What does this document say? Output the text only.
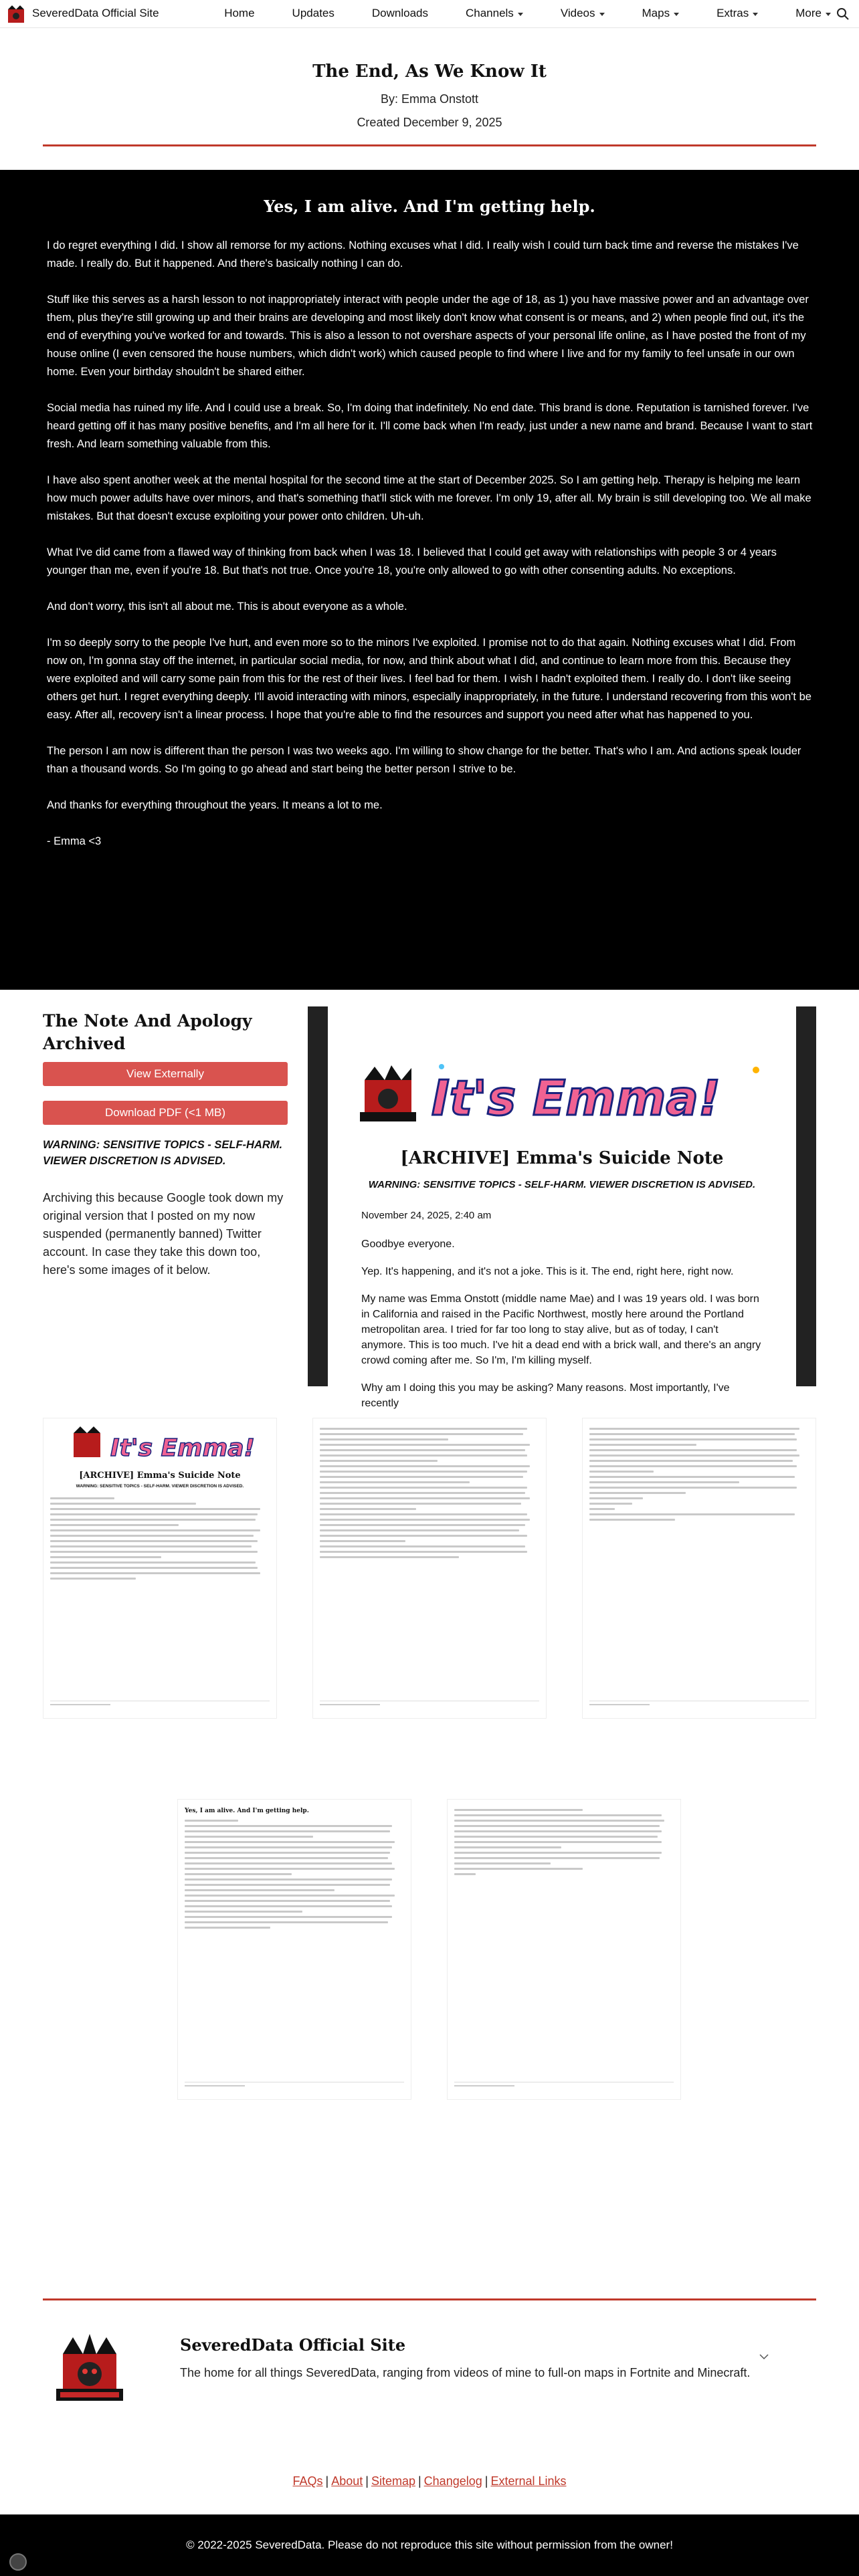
SeveredData Official Site	Home	Updates	Downloads	Channels	Videos	Maps	Extras	More
The End, As We Know It
By: Emma Onstott
Created December 9, 2025
Yes, I am alive. And I'm getting help.

I do regret everything I did. I show all remorse for my actions. Nothing excuses what I did. I really wish I could turn back time and reverse the mistakes I've made. I really do. But it happened. And there's basically nothing I can do.

Stuff like this serves as a harsh lesson to not inappropriately interact with people under the age of 18, as 1) you have massive power and an advantage over them, plus they're still growing up and their brains are developing and most likely don't know what consent is or means, and 2) when people find out, it's the end of everything you've worked for and towards. This is also a lesson to not overshare aspects of your personal life online, as I have posted the front of my house online (I even censored the house numbers, which didn't work) which caused people to find where I live and for my family to feel unsafe in our own home. Even your birthday shouldn't be shared either.

Social media has ruined my life. And I could use a break. So, I'm doing that indefinitely. No end date. This brand is done. Reputation is tarnished forever. I've heard getting off it has many positive benefits, and I'm all here for it. I'll come back when I'm ready, just under a new name and brand. Because I want to start fresh. And learn something valuable from this.

I have also spent another week at the mental hospital for the second time at the start of December 2025. So I am getting help. Therapy is helping me learn how much power adults have over minors, and that's something that'll stick with me forever. I'm only 19, after all. My brain is still developing too. We all make mistakes. But that doesn't excuse exploiting your power onto children. Uh-uh.

What I've did came from a flawed way of thinking from back when I was 18. I believed that I could get away with relationships with people 3 or 4 years younger than me, even if you're 18. But that's not true. Once you're 18, you're only allowed to go with other consenting adults. No exceptions.

And don't worry, this isn't all about me. This is about everyone as a whole.

I'm so deeply sorry to the people I've hurt, and even more so to the minors I've exploited. I promise not to do that again. Nothing excuses what I did. From now on, I'm gonna stay off the internet, in particular social media, for now, and think about what I did, and continue to learn more from this. Because they were exploited and will carry some pain from this for the rest of their lives. I feel bad for them. I wish I hadn't exploited them. I really do. I don't like seeing others get hurt. I regret everything deeply. I'll avoid interacting with minors, especially inappropriately, in the future. I understand recovering from this won't be easy. After all, recovery isn't a linear process. I hope that you're able to find the resources and support you need after what has happened to you.

The person I am now is different than the person I was two weeks ago. I'm willing to show change for the better. That's who I am. And actions speak louder than a thousand words. So I'm going to go ahead and start being the better person I strive to be.

And thanks for everything throughout the years. It means a lot to me.

- Emma <3

The Note And Apology Archived
View Externally
Download PDF (<1 MB)
WARNING: SENSITIVE TOPICS - SELF-HARM. VIEWER DISCRETION IS ADVISED.
Archiving this because Google took down my original version that I posted on my now suspended (permanently banned) Twitter account. In case they take this down too, here's some images of it below.
It's Emma!
[ARCHIVE] Emma's Suicide Note
WARNING: SENSITIVE TOPICS - SELF-HARM. VIEWER DISCRETION IS ADVISED.
November 24, 2025, 2:40 am

Goodbye everyone.

Yep. It's happening, and it's not a joke. This is it. The end, right here, right now.

My name was Emma Onstott (middle name Mae) and I was 19 years old. I was born in California and raised in the Pacific Northwest, mostly here around the Portland metropolitan area. I tried for far too long to stay alive, but as of today, I can't anymore. This is too much. I've hit a dead end with a brick wall, and there's an angry crowd coming after me. So I'm, I'm killing myself.

Why am I doing this you may be asking? Many reasons. Most importantly, I've recently

It's Emma!
[ARCHIVE] Emma's Suicide Note
WARNING: SENSITIVE TOPICS - SELF-HARM. VIEWER DISCRETION IS ADVISED.
Yes, I am alive. And I'm getting help.
SeveredData Official Site
The home for all things SeveredData, ranging from videos of mine to full-on maps in Fortnite and Minecraft.
FAQs | About | Sitemap | Changelog | External Links
© 2022-2025 SeveredData. Please do not reproduce this site without permission from the owner!
